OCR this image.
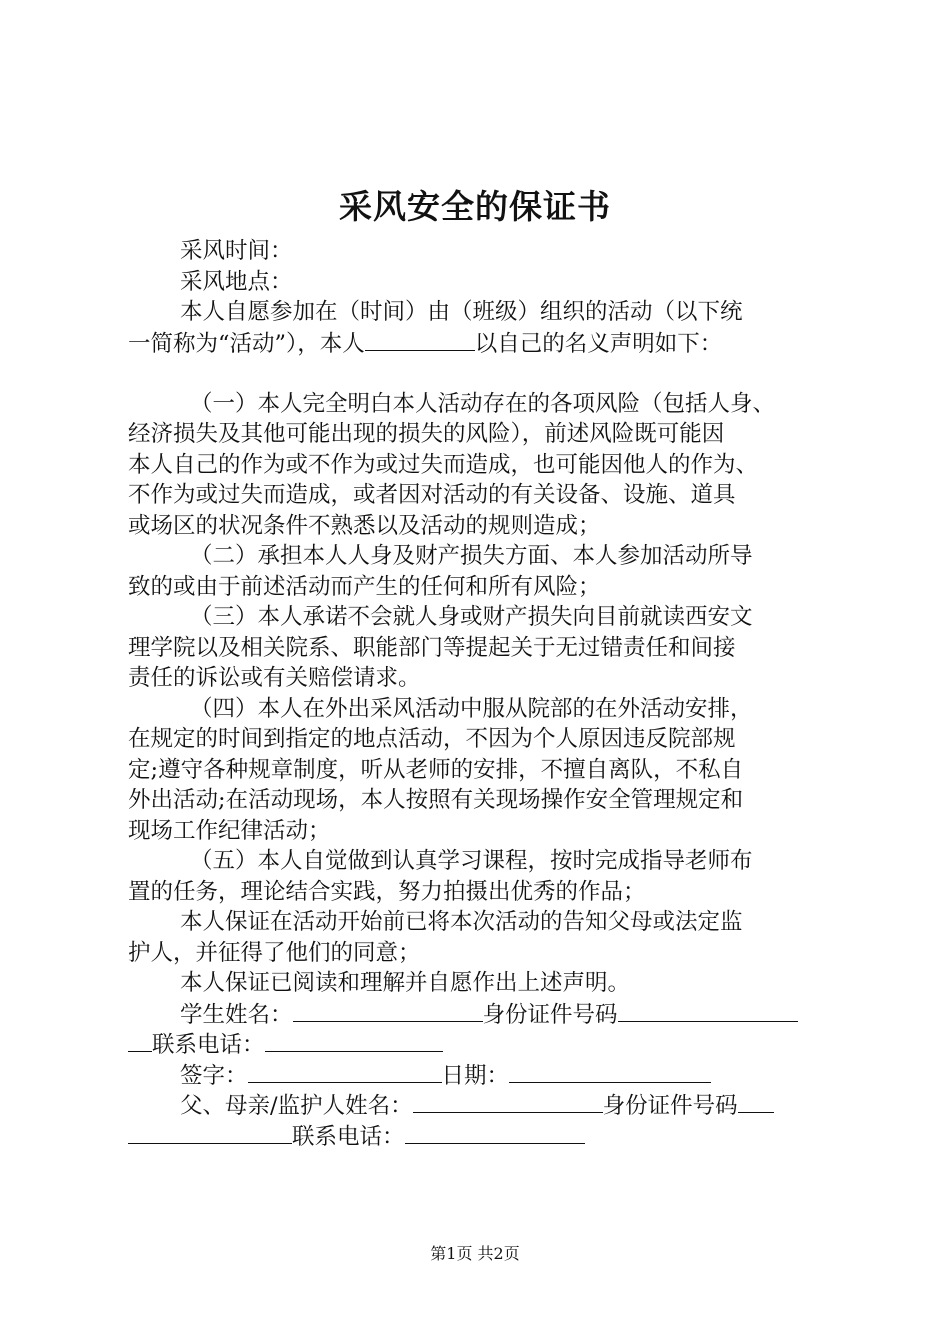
采风安全的保证书
采风时间：
采风地点：
本人自愿参加在（时间）由（班级）组织的活动（以下统
一简称为“活动”），本人	以自己的名义声明如下：
（一）本人完全明白本人活动存在的各项风险（包括人身、
经济损失及其他可能出现的损失的风险），前述风险既可能因
本人自己的作为或不作为或过失而造成，也可能因他人的作为、
不作为或过失而造成，或者因对活动的有关设备、设施、道具
或场区的状况条件不熟悉以及活动的规则造成；
（二）承担本人人身及财产损失方面、本人参加活动所导
致的或由于前述活动而产生的任何和所有风险；
（三）本人承诺不会就人身或财产损失向目前就读西安文
理学院以及相关院系、职能部门等提起关于无过错责任和间接
责任的诉讼或有关赔偿请求。
（四）本人在外出采风活动中服从院部的在外活动安排，
在规定的时间到指定的地点活动，不因为个人原因违反院部规
定;遵守各种规章制度，听从老师的安排，不擅自离队，不私自
外出活动;在活动现场，本人按照有关现场操作安全管理规定和
现场工作纪律活动；
（五）本人自觉做到认真学习课程，按时完成指导老师布
置的任务，理论结合实践，努力拍摄出优秀的作品；
本人保证在活动开始前已将本次活动的告知父母或法定监
护人，并征得了他们的同意；
本人保证已阅读和理解并自愿作出上述声明。
学生姓名：	身份证件号码
联系电话：
签字：	日期：
父、母亲/监护人姓名：	身份证件号码
联系电话：
第1页 共2页
